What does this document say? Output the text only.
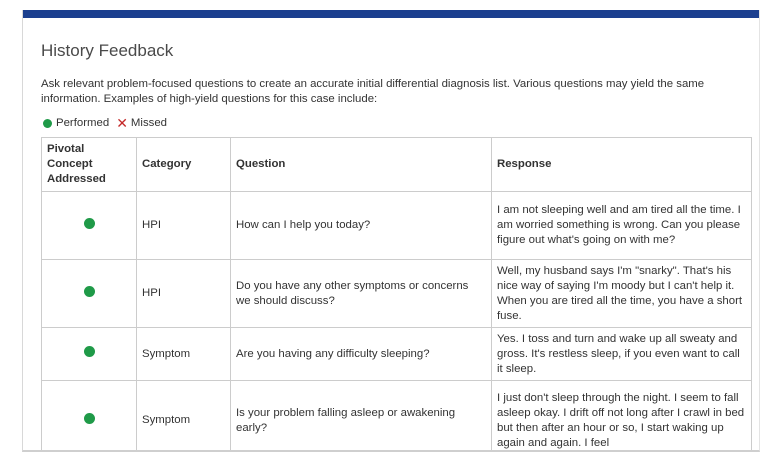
History Feedback

Ask relevant problem-focused questions to create an accurate initial differential diagnosis list. Various questions may yield the same information. Examples of high-yield questions for this case include:

Performed ✕ Missed
Pivotal Concept Addressed	Category	Question	Response
	HPI	How can I help you today?	I am not sleeping well and am tired all the time. I am worried something is wrong. Can you please figure out what's going on with me?
	HPI	Do you have any other symptoms or concerns we should discuss?	Well, my husband says I'm "snarky". That's his nice way of saying I'm moody but I can't help it. When you are tired all the time, you have a short fuse.
	Symptom	Are you having any difficulty sleeping?	Yes. I toss and turn and wake up all sweaty and gross. It's restless sleep, if you even want to call it sleep.
	Symptom	Is your problem falling asleep or awakening early?	I just don't sleep through the night. I seem to fall asleep okay. I drift off not long after I crawl in bed but then after an hour or so, I start waking up again and again. I feel
